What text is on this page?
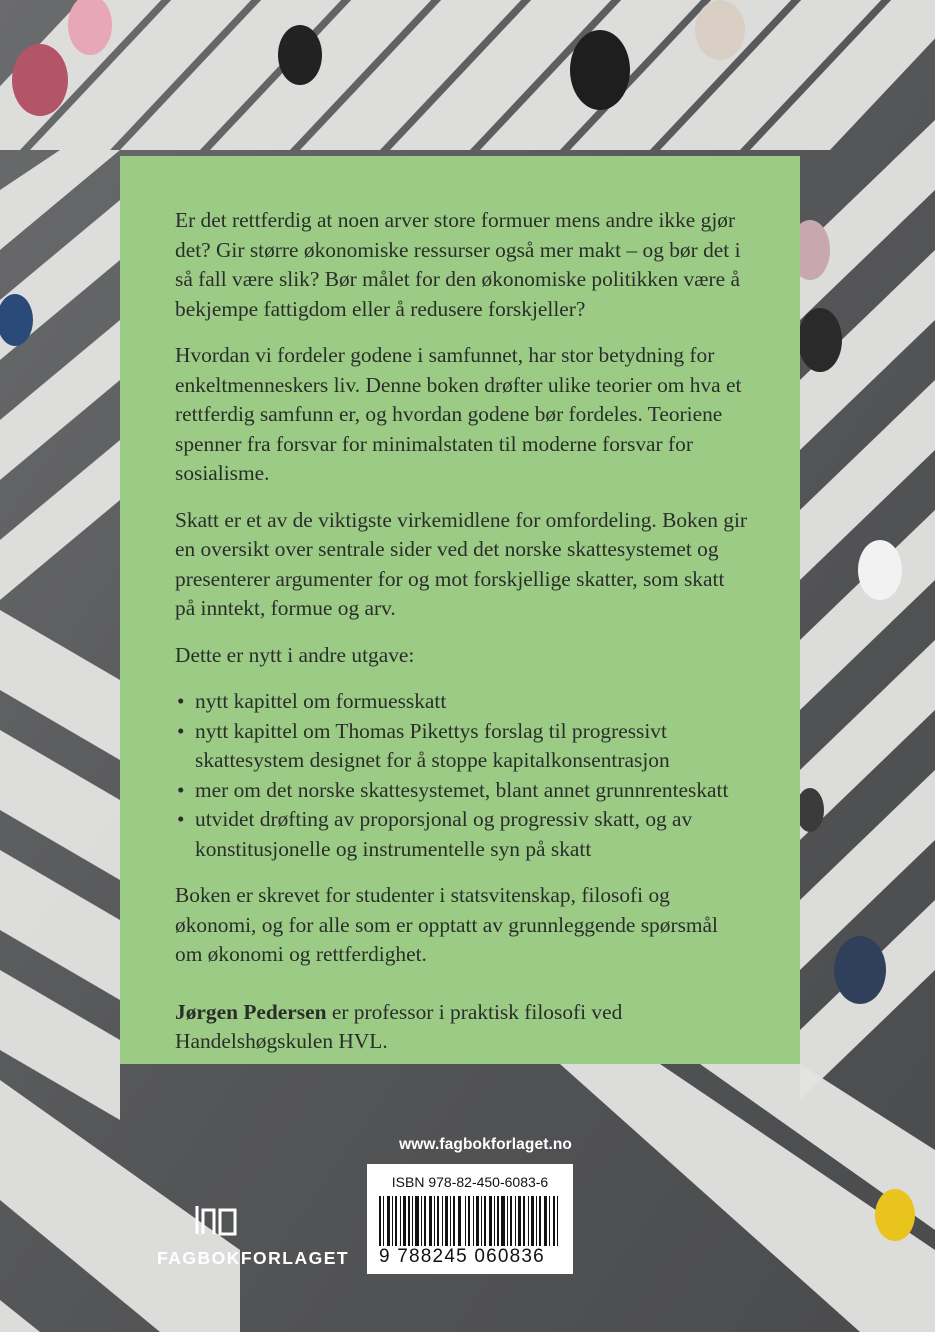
Er det rettferdig at noen arver store formuer mens andre ikke gjør det? Gir større økonomiske ressurser også mer makt – og bør det i så fall være slik? Bør målet for den økonomiske politikken være å bekjempe fattigdom eller å redusere forskjeller?

Hvordan vi fordeler godene i samfunnet, har stor betydning for enkeltmenneskers liv. Denne boken drøfter ulike teorier om hva et rettferdig samfunn er, og hvordan godene bør fordeles. Teoriene spenner fra forsvar for minimalstaten til moderne forsvar for sosialisme.

Skatt er et av de viktigste virkemidlene for omfordeling. Boken gir en oversikt over sentrale sider ved det norske skattesystemet og presenterer argumenter for og mot forskjellige skatter, som skatt på inntekt, formue og arv.

Dette er nytt i andre utgave:

• nytt kapittel om formuesskatt
• nytt kapittel om Thomas Pikettys forslag til progressivt skattesystem designet for å stoppe kapitalkonsentrasjon
• mer om det norske skattesystemet, blant annet grunnrenteskatt
• utvidet drøfting av proporsjonal og progressiv skatt, og av konstitusjonelle og instrumentelle syn på skatt

Boken er skrevet for studenter i statsvitenskap, filosofi og økonomi, og for alle som er opptatt av grunnleggende spørsmål om økonomi og rettferdighet.

Jørgen Pedersen er professor i praktisk filosofi ved Handelshøgskulen HVL.

www.fagbokforlaget.no
ISBN 978-82-450-6083-6
9 788245 060836
FAGBOKFORLAGET
